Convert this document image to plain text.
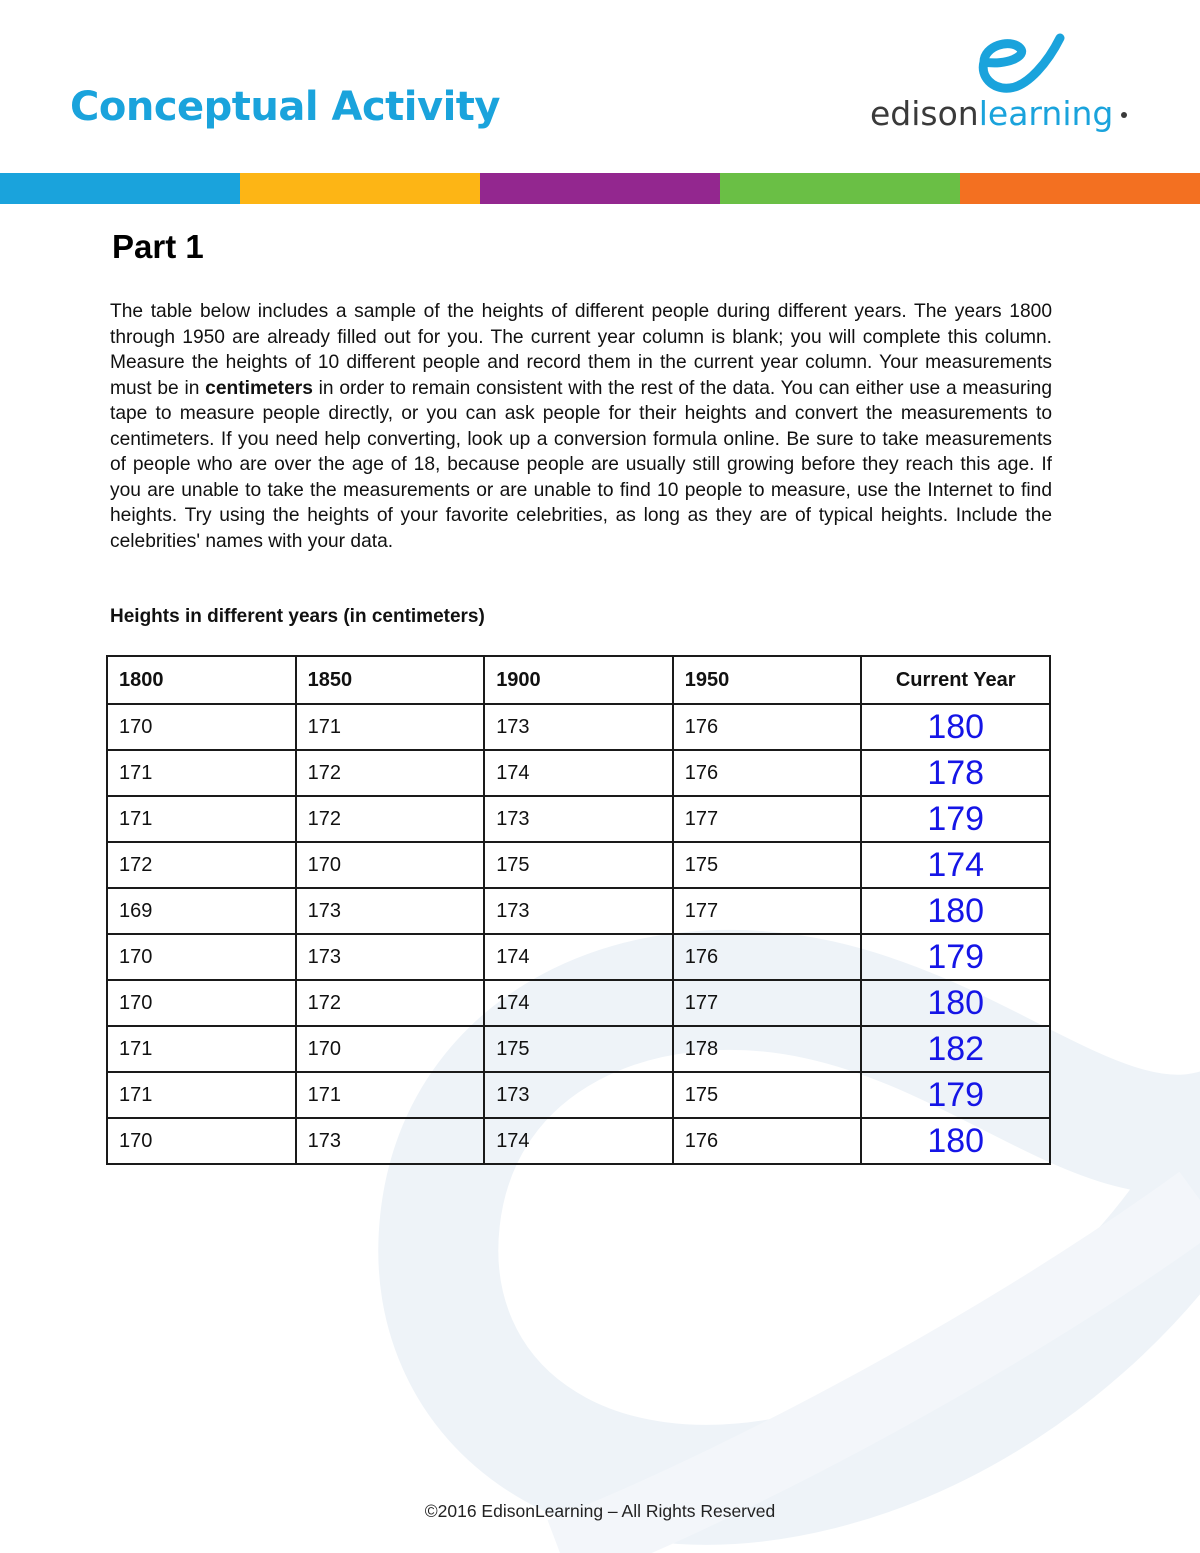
Conceptual Activity	edisonlearning
Part 1

The table below includes a sample of the heights of different people during different years. The years 1800 through 1950 are already filled out for you. The current year column is blank; you will complete this column. Measure the heights of 10 different people and record them in the current year column. Your measurements must be in centimeters in order to remain consistent with the rest of the data. You can either use a measuring tape to measure people directly, or you can ask people for their heights and convert the measurements to centimeters. If you need help converting, look up a conversion formula online. Be sure to take measurements of people who are over the age of 18, because people are usually still growing before they reach this age. If you are unable to take the measurements or are unable to find 10 people to measure, use the Internet to find heights. Try using the heights of your favorite celebrities, as long as they are of typical heights. Include the celebrities' names with your data.

Heights in different years (in centimeters)

1800	1850	1900	1950	Current Year
170	171	173	176	180
171	172	174	176	178
171	172	173	177	179
172	170	175	175	174
169	173	173	177	180
170	173	174	176	179
170	172	174	177	180
171	170	175	178	182
171	171	173	175	179
170	173	174	176	180

©2016 EdisonLearning – All Rights Reserved
